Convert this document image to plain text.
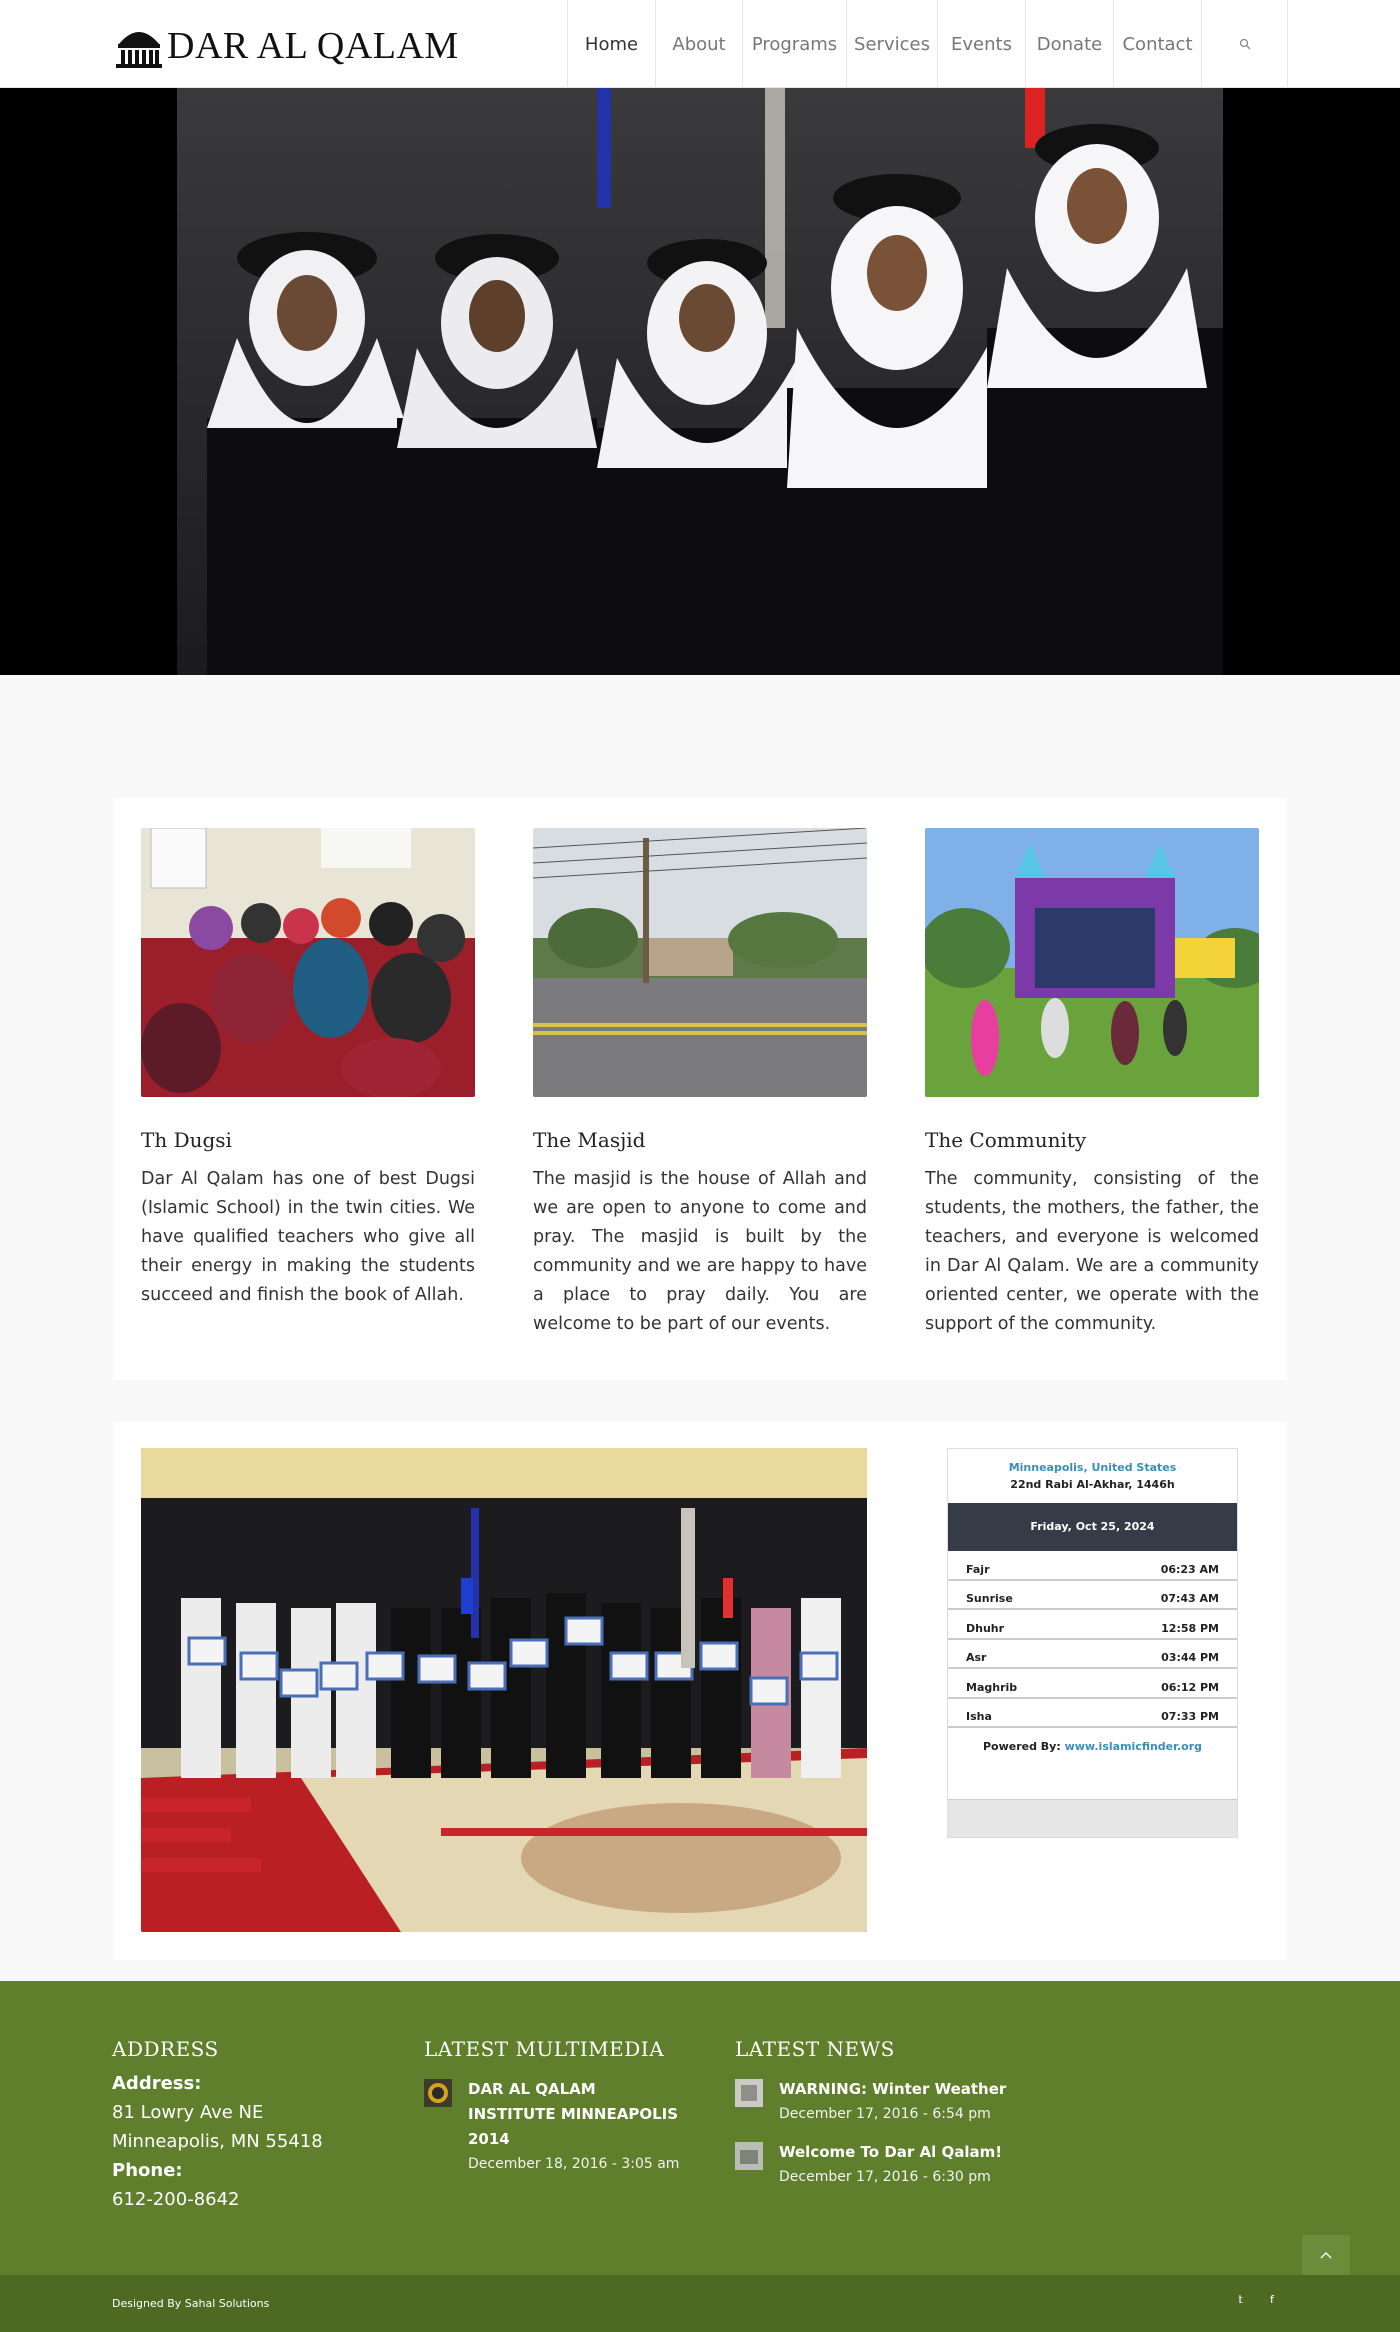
DAR AL QALAM	Home	About	Programs Services	Events	Donate	Contact
Th Dugsi
Dar Al Qalam has one of best Dugsi (Islamic School) in the twin cities. We have qualified teachers who give all their energy in making the students succeed and finish the book of Allah.
The Masjid
The masjid is the house of Allah and we are open to anyone to come and pray. The masjid is built by the community and we are happy to have a place to pray daily. You are welcome to be part of our events.
The Community
The community, consisting of the students, the mothers, the father, the teachers, and everyone is welcomed in Dar Al Qalam. We are a community oriented center, we operate with the support of the community.
Minneapolis, United States
22nd Rabi Al-Akhar, 1446h
Friday, Oct 25, 2024
Fajr	06:23 AM
Sunrise	07:43 AM
Dhuhr	12:58 PM
Asr	03:44 PM
Maghrib	06:12 PM
Isha	07:33 PM
Powered By: www.islamicfinder.org
ADDRESS
Address:
81 Lowry Ave NE
Minneapolis, MN 55418
Phone:
612-200-8642
LATEST MULTIMEDIA
DAR AL QALAM INSTITUTE MINNEAPOLIS 2014
December 18, 2016 - 3:05 am
LATEST NEWS
WARNING: Winter Weather
December 17, 2016 - 6:54 pm
Welcome To Dar Al Qalam!
December 17, 2016 - 6:30 pm
Designed By Sahal Solutions	𝕥 f
